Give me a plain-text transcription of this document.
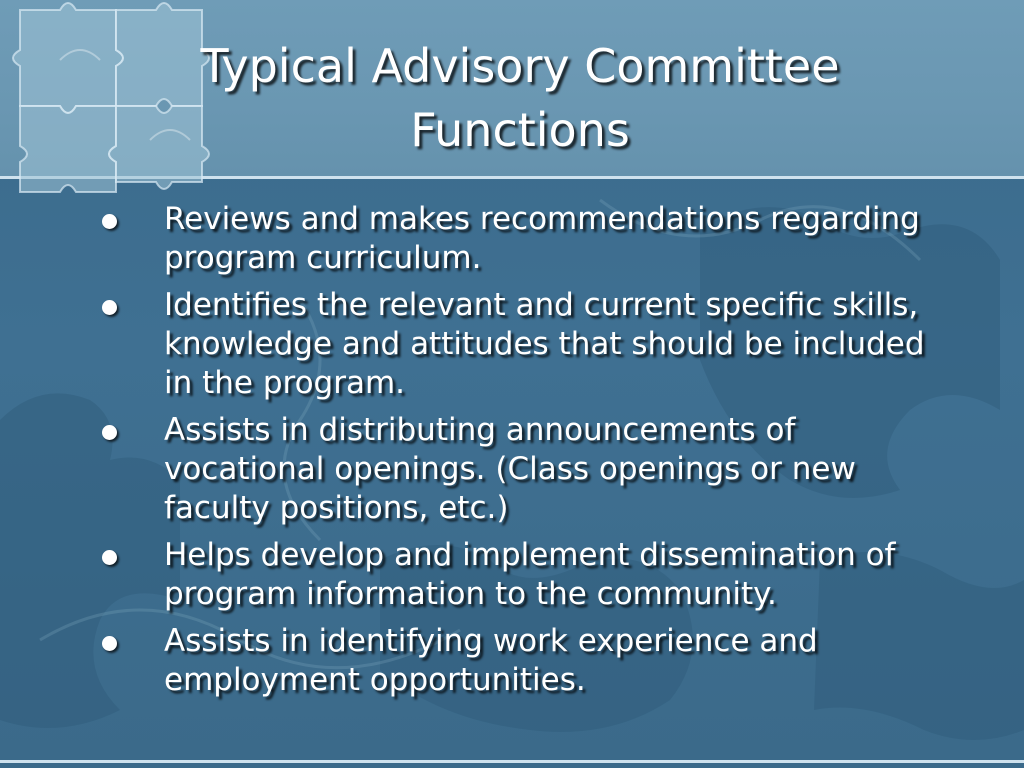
Typical Advisory Committee Functions
Reviews and makes recommendations regarding program curriculum.
Identifies the relevant and current specific skills, knowledge and attitudes that should be included in the program.
Assists in distributing announcements of vocational openings. (Class openings or new faculty positions, etc.)
Helps develop and implement dissemination of program information to the community.
Assists in identifying work experience and employment opportunities.
